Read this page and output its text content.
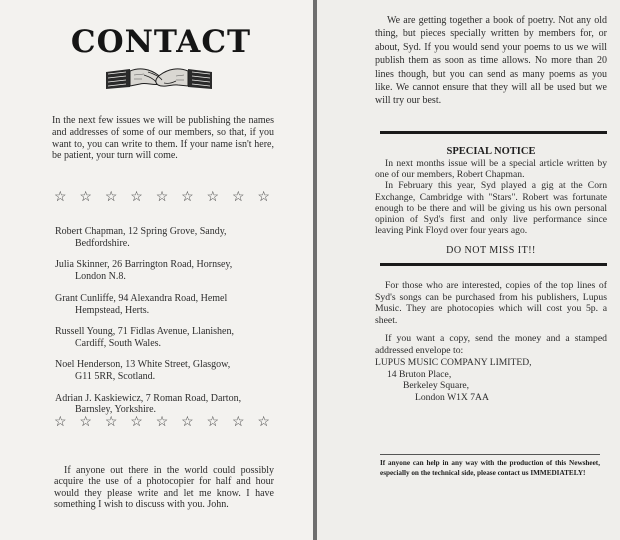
CONTACT
In the next few issues we will be publishing the names and addresses of some of our members, so that, if you want to, you can write to them. If your name isn't here, be patient, your turn will come.
☆ ☆ ☆ ☆ ☆ ☆ ☆ ☆ ☆
Robert Chapman, 12 Spring Grove, Sandy,
Bedfordshire.
Julia Skinner, 26 Barrington Road, Hornsey,
London N.8.
Grant Cunliffe, 94 Alexandra Road, Hemel
Hempstead, Herts.
Russell Young, 71 Fidlas Avenue, Llanishen,
Cardiff, South Wales.
Noel Henderson, 13 White Street, Glasgow,
G11 5RR, Scotland.
Adrian J. Kaskiewicz, 7 Roman Road, Darton,
Barnsley, Yorkshire.
☆ ☆ ☆ ☆ ☆ ☆ ☆ ☆ ☆
If anyone out there in the world could possibly acquire the use of a photocopier for half and hour would they please write and let me know. I have something I wish to discuss with you. John.

We are getting together a book of poetry. Not any old thing, but pieces specially written by members for, or about, Syd. If you would send your poems to us we will publish them as soon as time allows. No more than 20 lines though, but you can send as many poems as you like. We cannot ensure that they will all be used but we will try our best.

SPECIAL NOTICE

In next months issue will be a special article written by one of our members, Robert Chapman.

In February this year, Syd played a gig at the Corn Exchange, Cambridge with "Stars". Robert was fortunate enough to be there and will be giving us his own personal opinion of Syd's first and only live performance since leaving Pink Floyd over four years ago.

DO NOT MISS IT!!

For those who are interested, copies of the top lines of Syd's songs can be purchased from his publishers, Lupus Music. They are photocopies which will cost you 5p. a sheet.

If you want a copy, send the money and a stamped addressed envelope to:

LUPUS MUSIC COMPANY LIMITED,
14 Bruton Place,
Berkeley Square,
London W1X 7AA
If anyone can help in any way with the production of this Newsheet, especially on the technical side, please contact us IMMEDIATELY!
